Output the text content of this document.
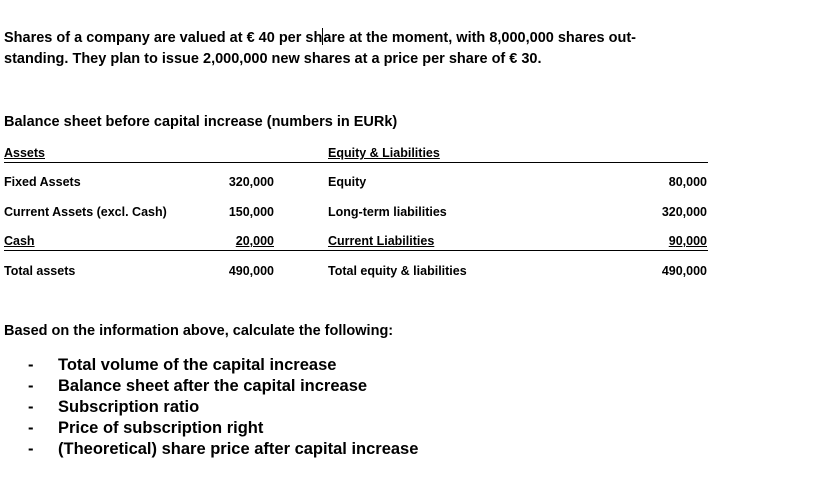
Shares of a company are valued at € 40 per share at the moment, with 8,000,000 shares out-

standing. They plan to issue 2,000,000 new shares at a price per share of € 30.

Balance sheet before capital increase (numbers in EURk)
Assets	Equity & Liabilities
Fixed Assets	320,000	Equity	80,000
Current Assets (excl. Cash)	150,000	Long-term liabilities	320,000
Cash	20,000	Current Liabilities	90,000
Total assets	490,000	Total equity & liabilities	490,000
Based on the information above, calculate the following:
- Total volume of the capital increase
- Balance sheet after the capital increase
- Subscription ratio
- Price of subscription right
- (Theoretical) share price after capital increase
